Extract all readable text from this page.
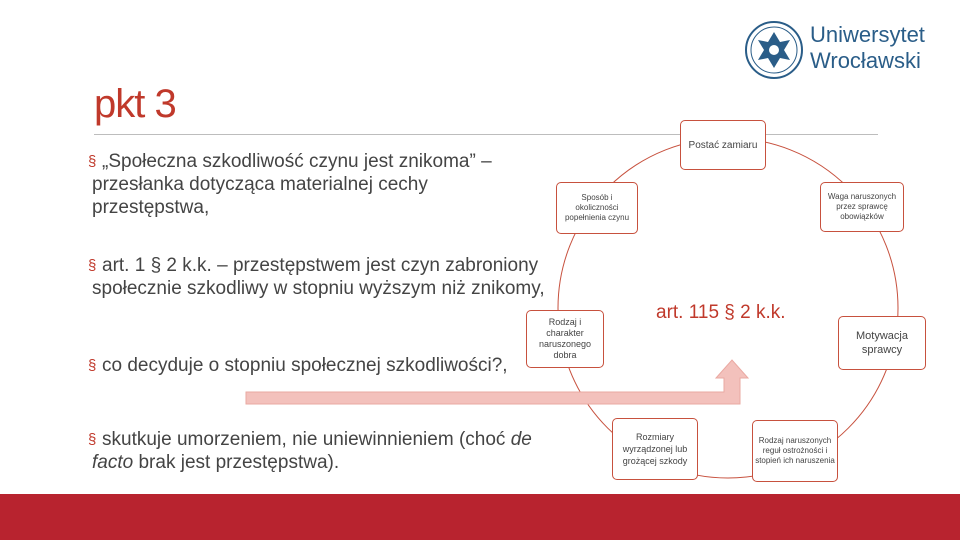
pkt 3
Uniwersytet
Wrocławski
§ „Społeczna szkodliwość czynu jest znikoma” – przesłanka dotycząca materialnej cechy przestępstwa,
§ art. 1 § 2 k.k. – przestępstwem jest czyn zabroniony społecznie szkodliwy w stopniu wyższym niż znikomy,
§ co decyduje o stopniu społecznej szkodliwości?,
§ skutkuje umorzeniem, nie uniewinnieniem (choć de facto brak jest przestępstwa).
Postać zamiaru
Waga naruszonych przez sprawcę obowiązków
Motywacja sprawcy
Rodzaj naruszonych reguł ostrożności i stopień ich naruszenia
Rozmiary wyrządzonej lub grożącej szkody
Rodzaj i charakter naruszonego dobra
Sposób i okoliczności popełnienia czynu
art. 115 § 2 k.k.
